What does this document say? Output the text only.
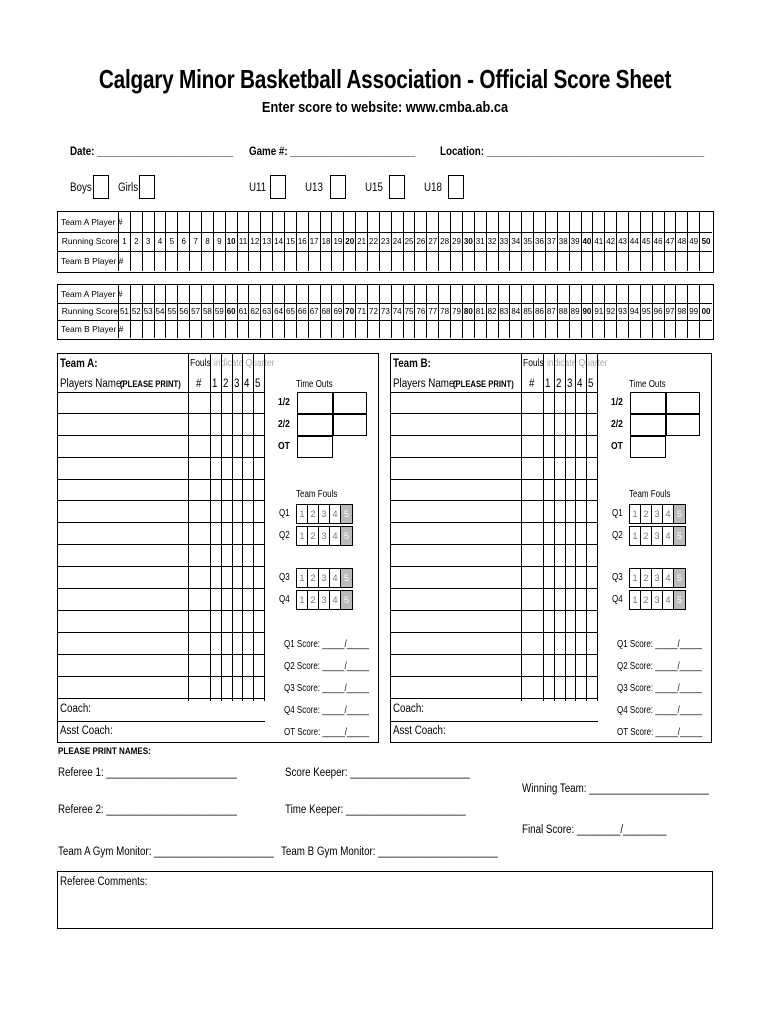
Calgary Minor Basketball Association - Official Score Sheet
Enter score to website: www.cmba.ab.ca
Date: _________________________ Game #: _______________________ Location: ________________________________________
Boys Girls	U11	U13	U15	U18
Team A Player #
Running Score 1 2 3 4 5 6 7 8 9 10 11 12 13 14 15 16 17 18 19 20 21 22 23 24 25 26 27 28 29 30 31 32 33 34 35 36 37 38 39 40 41 42 43 44 45 46 47 48 49 50
Team B Player #
Team A Player #
Running Score 51 52 53 54 55 56 57 58 59 60 61 62 63 64 65 66 67 68 69 70 71 72 73 74 75 76 77 78 79 80 81 82 83 84 85 86 87 88 89 90 91 92 93 94 95 96 97 98 99 00
Team B Player #
Team A:	Fouls indicate Quarter
Players Name:
(PLEASE PRINT) # 1 2 3 4 5
Coach:
Asst Coach:
Time Outs
1/2
2/2
OT
Team Fouls
Q1 1 2 3 4 5
Q2 1 2 3 4 5
Q3 1 2 3 4 5
Q4 1 2 3 4 5
Q1 Score: _____/_____
Q2 Score: _____/_____
Q3 Score: _____/_____
Q4 Score: _____/_____
OT Score: _____/_____
Team B:	Fouls indicate Quarter
Players Name:
(PLEASE PRINT) # 1 2 3 4 5
Coach:
Asst Coach:
Time Outs
1/2
2/2
OT
Team Fouls
Q1 1 2 3 4 5
Q2 1 2 3 4 5
Q3 1 2 3 4 5
Q4 1 2 3 4 5
Q1 Score: _____/_____
Q2 Score: _____/_____
Q3 Score: _____/_____
Q4 Score: _____/_____
OT Score: _____/_____
PLEASE PRINT NAMES:
Referee 1: ________________________	Score Keeper: ______________________
Winning Team: ______________________
Referee 2: ________________________	Time Keeper: ______________________
Final Score: ________/________
Team A Gym Monitor: ______________________ Team B Gym Monitor: ______________________
Referee Comments:
